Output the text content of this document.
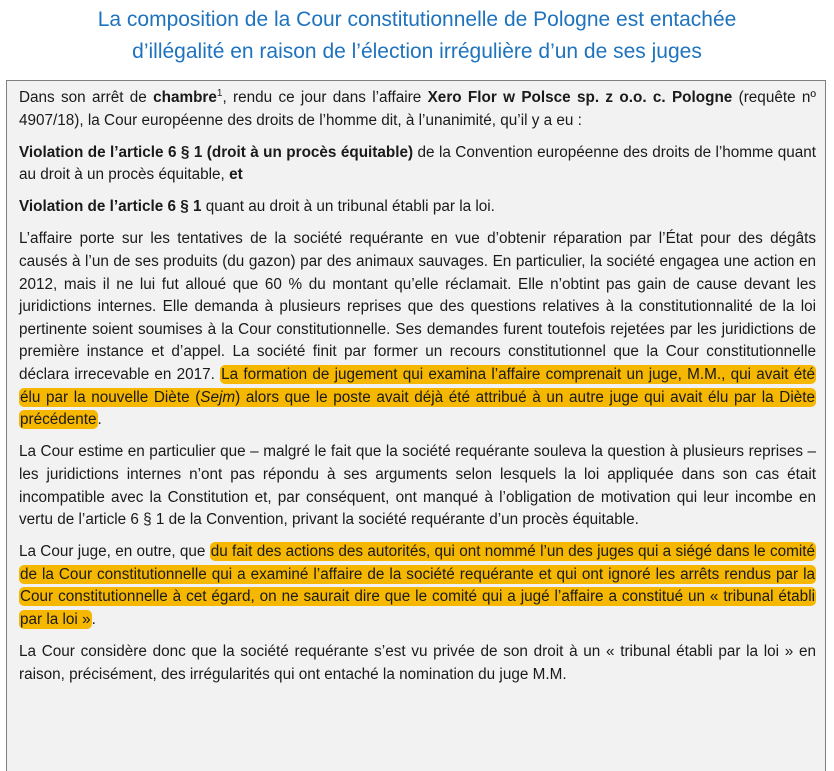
La composition de la Cour constitutionnelle de Pologne est entachée
d’illégalité en raison de l’élection irrégulière d’un de ses juges

Dans son arrêt de chambre$^1$, rendu ce jour dans l’affaire Xero Flor w Polsce sp. z o.o. c. Pologne (requête nº 4907/18), la Cour européenne des droits de l’homme dit, à l’unanimité, qu’il y a eu :

Violation de l’article 6 § 1 (droit à un procès équitable) de la Convention européenne des droits de l’homme quant au droit à un procès équitable, et

Violation de l’article 6 § 1 quant au droit à un tribunal établi par la loi.

L’affaire porte sur les tentatives de la société requérante en vue d’obtenir réparation par l’État pour des dégâts causés à l’un de ses produits (du gazon) par des animaux sauvages. En particulier, la société engagea une action en 2012, mais il ne lui fut alloué que 60 % du montant qu’elle réclamait. Elle n’obtint pas gain de cause devant les juridictions internes. Elle demanda à plusieurs reprises que des questions relatives à la constitutionnalité de la loi pertinente soient soumises à la Cour constitutionnelle. Ses demandes furent toutefois rejetées par les juridictions de première instance et d’appel. La société finit par former un recours constitutionnel que la Cour constitutionnelle déclara irrecevable en 2017. La formation de jugement qui examina l’affaire comprenait un juge, M.M., qui avait été élu par la nouvelle Diète (Sejm) alors que le poste avait déjà été attribué à un autre juge qui avait élu par la Diète précédente.

La Cour estime en particulier que – malgré le fait que la société requérante souleva la question à plusieurs reprises – les juridictions internes n’ont pas répondu à ses arguments selon lesquels la loi appliquée dans son cas était incompatible avec la Constitution et, par conséquent, ont manqué à l’obligation de motivation qui leur incombe en vertu de l’article 6 § 1 de la Convention, privant la société requérante d’un procès équitable.

La Cour juge, en outre, que du fait des actions des autorités, qui ont nommé l’un des juges qui a siégé dans le comité de la Cour constitutionnelle qui a examiné l’affaire de la société requérante et qui ont ignoré les arrêts rendus par la Cour constitutionnelle à cet égard, on ne saurait dire que le comité qui a jugé l’affaire a constitué un « tribunal établi par la loi ».

La Cour considère donc que la société requérante s’est vu privée de son droit à un « tribunal établi par la loi » en raison, précisément, des irrégularités qui ont entaché la nomination du juge M.M.
